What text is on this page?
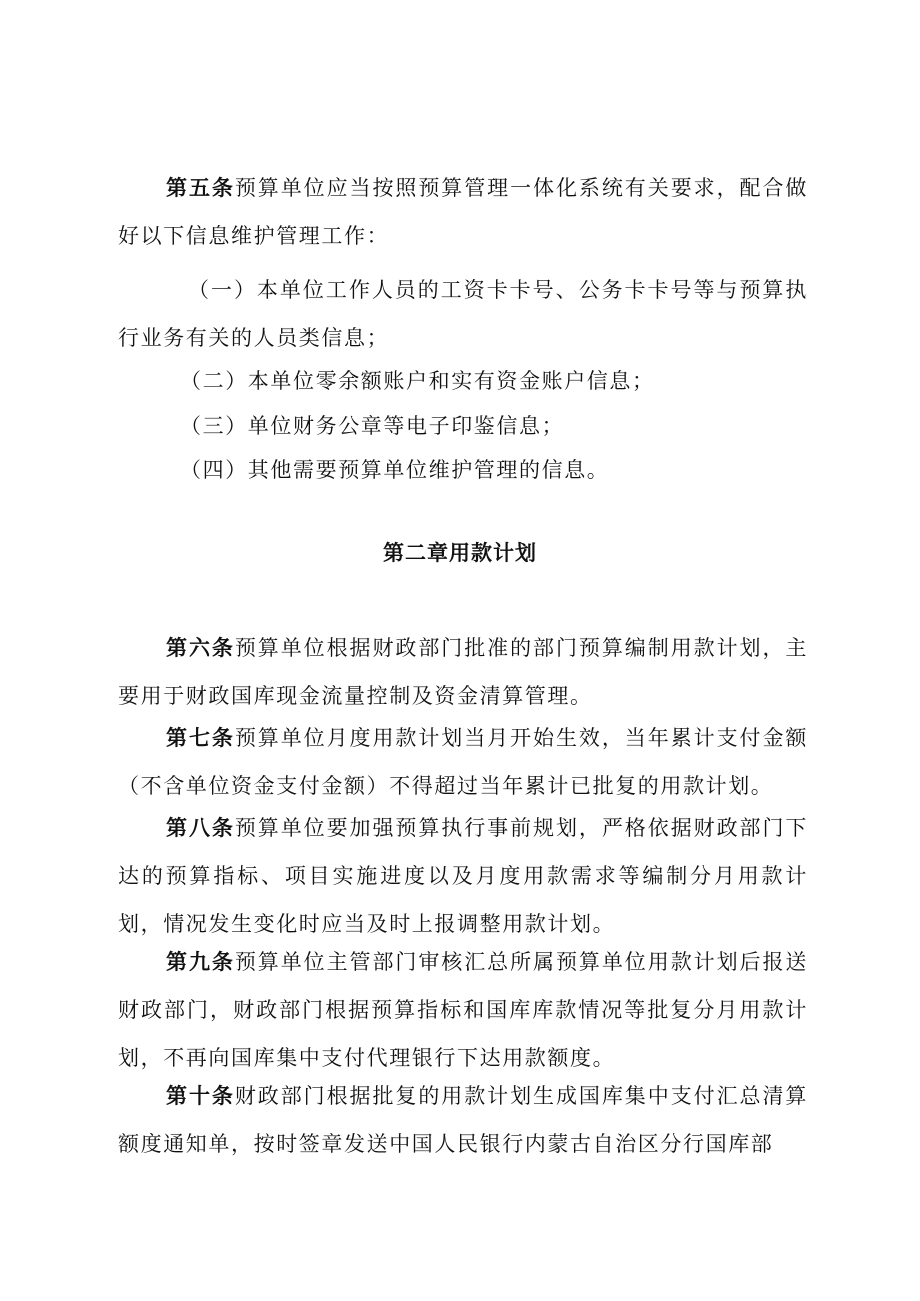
第五条预算单位应当按照预算管理一体化系统有关要求，配合做好以下信息维护管理工作：

（一）本单位工作人员的工资卡卡号、公务卡卡号等与预算执行业务有关的人员类信息；

（二）本单位零余额账户和实有资金账户信息；

（三）单位财务公章等电子印鉴信息；

（四）其他需要预算单位维护管理的信息。

第二章用款计划

第六条预算单位根据财政部门批准的部门预算编制用款计划，主要用于财政国库现金流量控制及资金清算管理。

第七条预算单位月度用款计划当月开始生效，当年累计支付金额（不含单位资金支付金额）不得超过当年累计已批复的用款计划。

第八条预算单位要加强预算执行事前规划，严格依据财政部门下达的预算指标、项目实施进度以及月度用款需求等编制分月用款计划，情况发生变化时应当及时上报调整用款计划。

第九条预算单位主管部门审核汇总所属预算单位用款计划后报送财政部门，财政部门根据预算指标和国库库款情况等批复分月用款计划，不再向国库集中支付代理银行下达用款额度。

第十条财政部门根据批复的用款计划生成国库集中支付汇总清算额度通知单，按时签章发送中国人民银行内蒙古自治区分行国库部
